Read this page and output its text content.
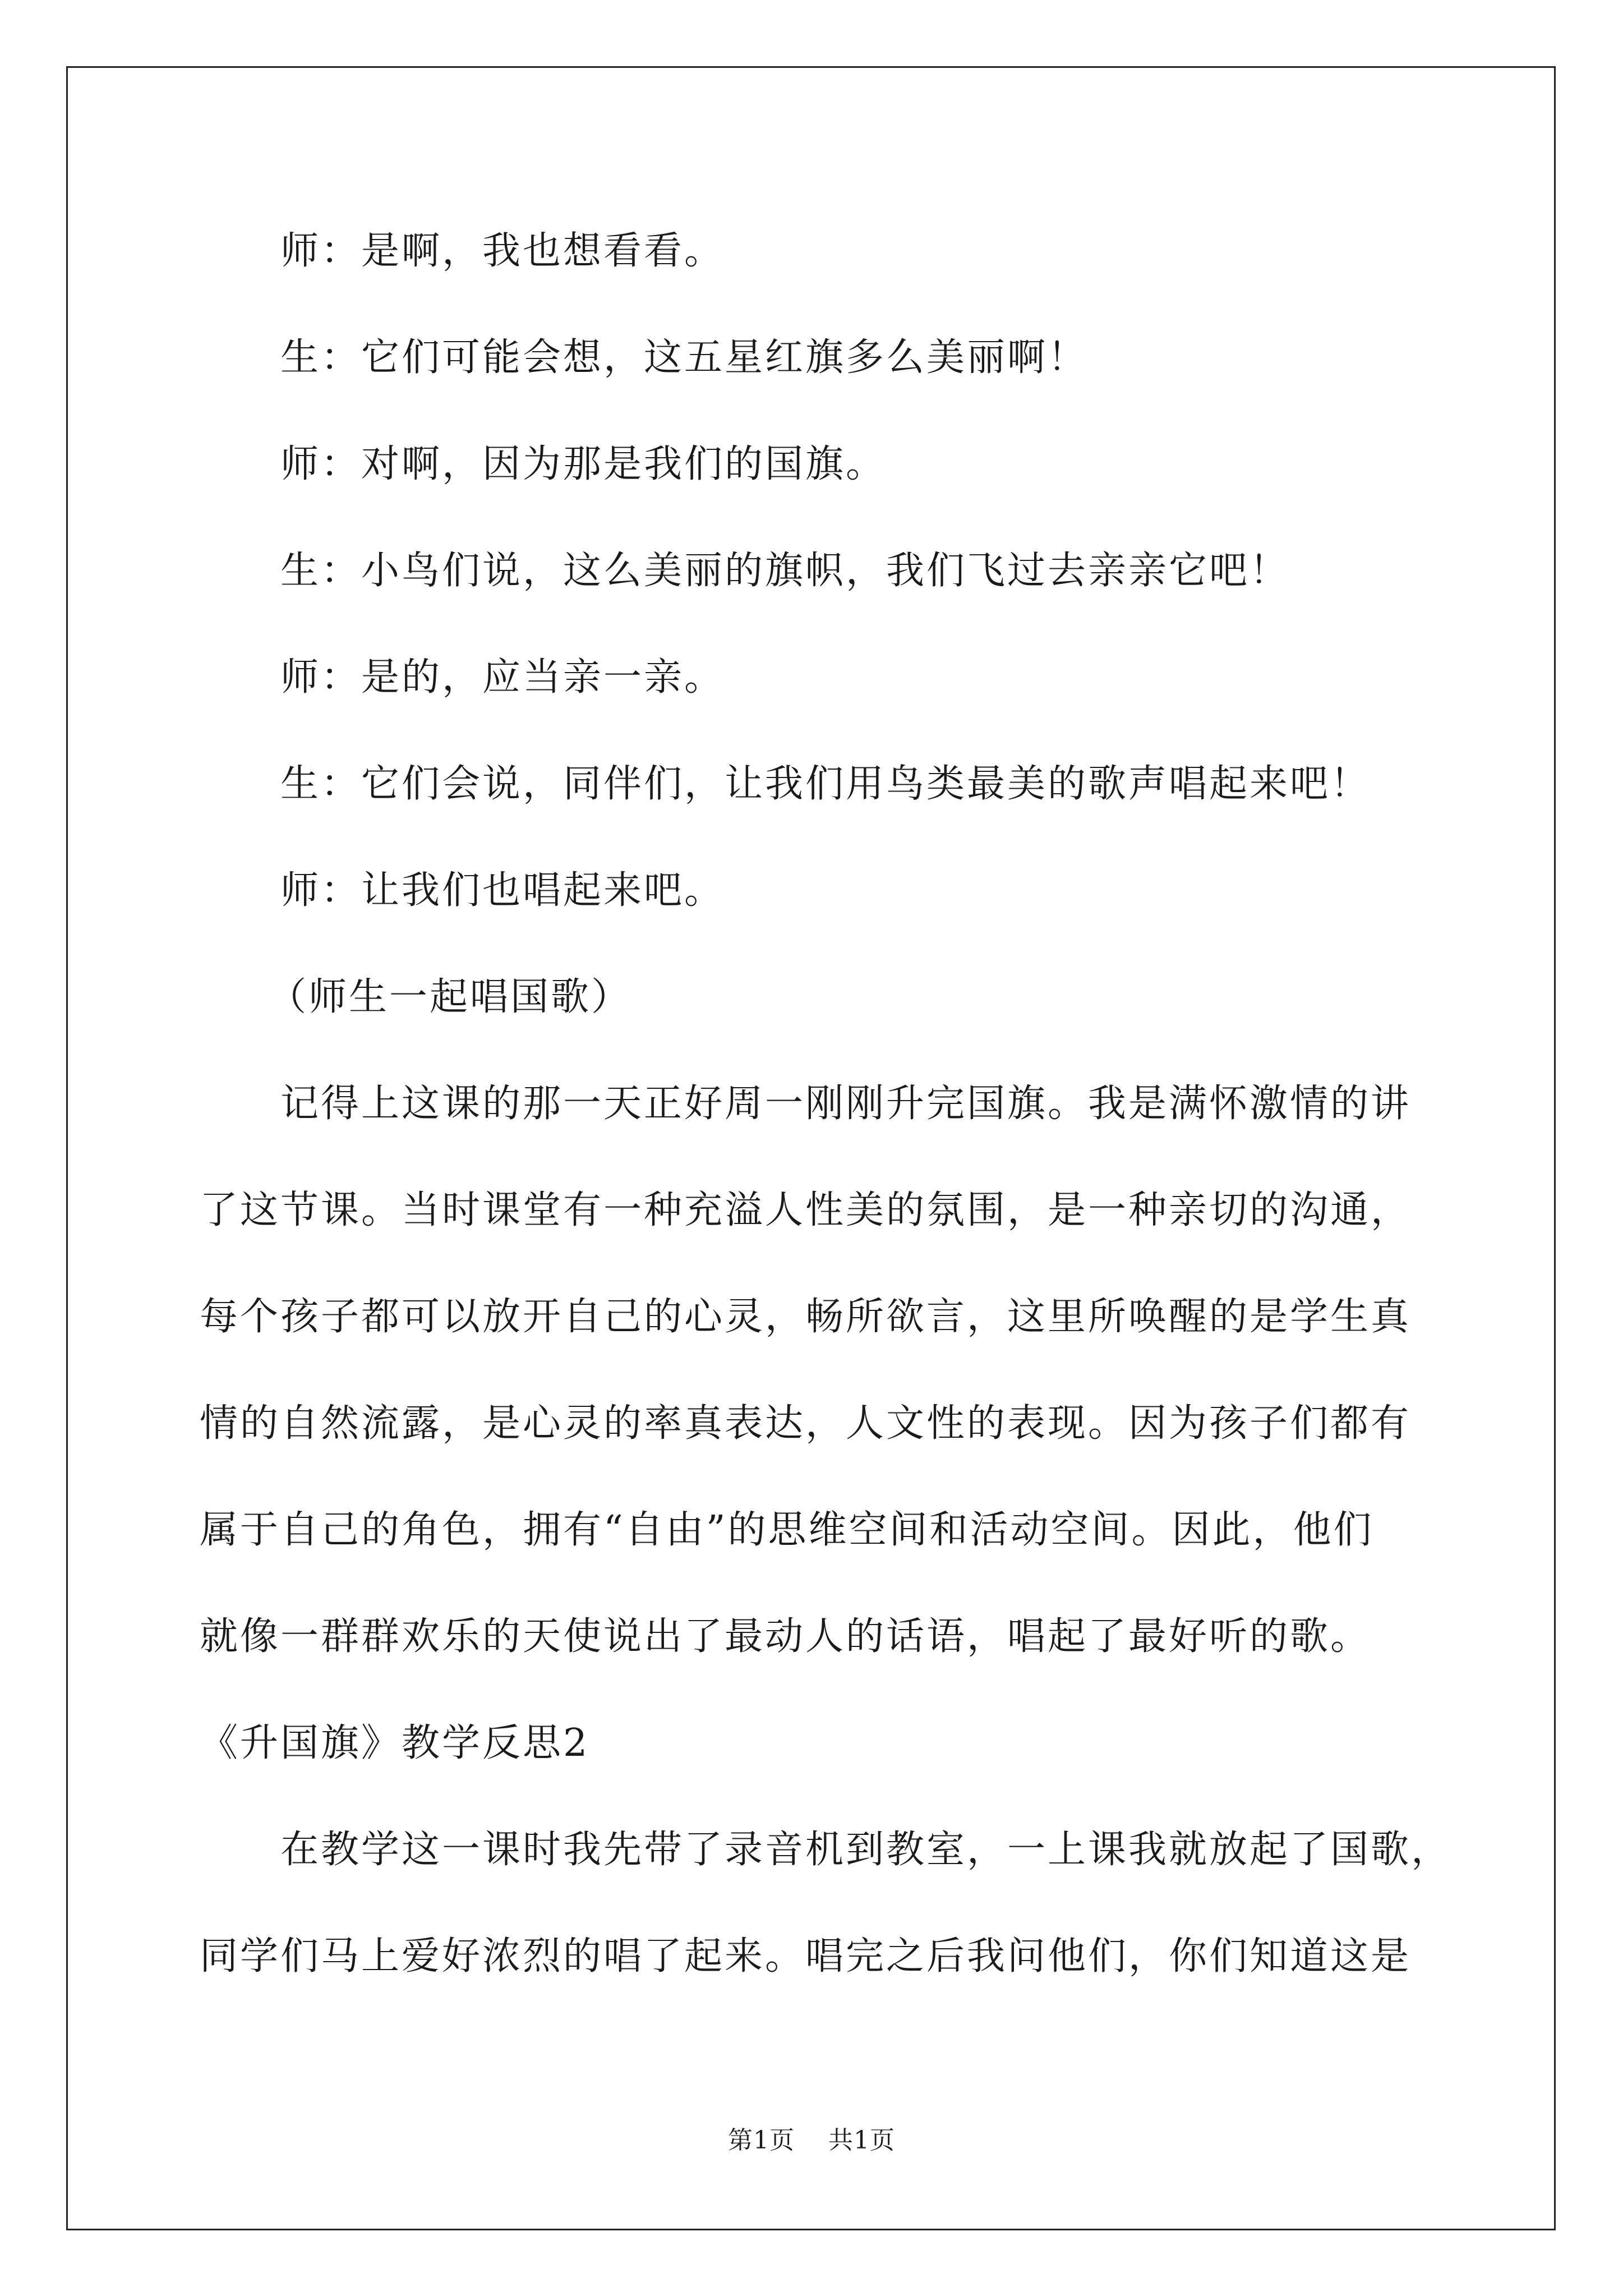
师：是啊，我也想看看。
生：它们可能会想，这五星红旗多么美丽啊！
师：对啊，因为那是我们的国旗。
生：小鸟们说，这么美丽的旗帜，我们飞过去亲亲它吧！
师：是的，应当亲一亲。
生：它们会说，同伴们，让我们用鸟类最美的歌声唱起来吧！
师：让我们也唱起来吧。
（师生一起唱国歌）
记得上这课的那一天正好周一刚刚升完国旗。我是满怀激情的讲
了这节课。当时课堂有一种充溢人性美的氛围，是一种亲切的沟通，
每个孩子都可以放开自己的心灵，畅所欲言，这里所唤醒的是学生真
情的自然流露，是心灵的率真表达，人文性的表现。因为孩子们都有
属于自己的角色，拥有“自由”的思维空间和活动空间。因此，他们
就像一群群欢乐的天使说出了最动人的话语，唱起了最好听的歌。
《升国旗》教学反思2
在教学这一课时我先带了录音机到教室，一上课我就放起了国歌，
同学们马上爱好浓烈的唱了起来。唱完之后我问他们，你们知道这是
第1页 共1页
